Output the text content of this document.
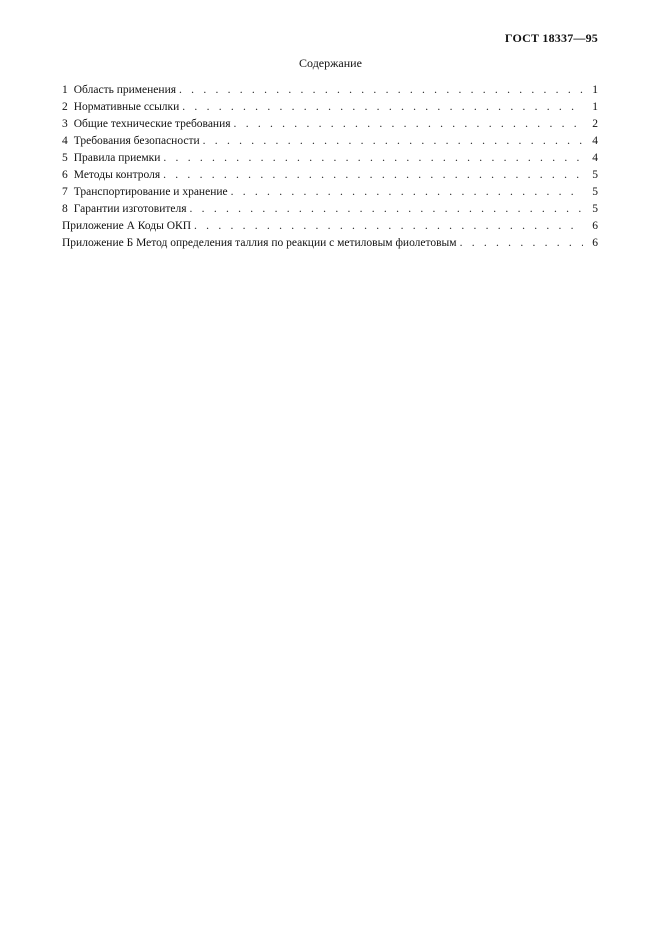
ГОСТ 18337—95
Содержание
1 Область применения . . .	1
2 Нормативные ссылки . . .	1
3 Общие технические требования . . .	2
4 Требования безопасности . . .	4
5 Правила приемки . . .	4
6 Методы контроля . . .	5
7 Транспортирование и хранение . . .	5
8 Гарантии изготовителя . . .	5
Приложение А Коды ОКП . . .	6
Приложение Б Метод определения таллия по реакции с метиловым фиолетовым . . .	6
